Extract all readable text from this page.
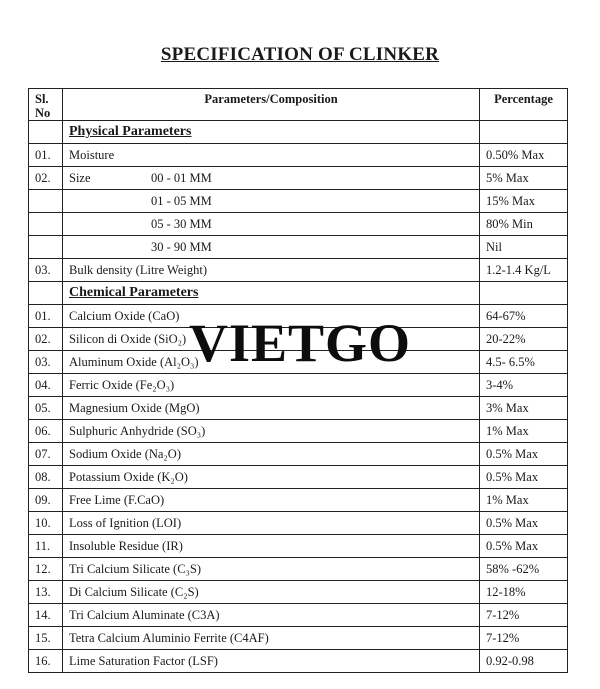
SPECIFICATION OF CLINKER
Sl.
No	Parameters/Composition	Percentage
	Physical Parameters	
01.	Moisture	0.50% Max
02.	Size 00 - 01 MM	5% Max
	01 - 05 MM	15% Max
	05 - 30 MM	80% Min
	30 - 90 MM	Nil
03.	Bulk density (Litre Weight)	1.2-1.4 Kg/L
	Chemical Parameters	
01.	Calcium Oxide (CaO)	64-67%
02.	Silicon di Oxide (SiO₂)	20-22%
03.	Aluminum Oxide (Al₂O₃)	4.5- 6.5%
04.	Ferric Oxide (Fe₂O₃)	3-4%
05.	Magnesium Oxide (MgO)	3% Max
06.	Sulphuric Anhydride (SO₃)	1% Max
07.	Sodium Oxide (Na₂O)	0.5% Max
08.	Potassium Oxide (K₂O)	0.5% Max
09.	Free Lime (F.CaO)	1% Max
10.	Loss of Ignition (LOI)	0.5% Max
11.	Insoluble Residue (IR)	0.5% Max
12.	Tri Calcium Silicate (C₃S)	58% -62%
13.	Di Calcium Silicate (C₂S)	12-18%
14.	Tri Calcium Aluminate (C3A)	7-12%
15.	Tetra Calcium Aluminio Ferrite (C4AF)	7-12%
16.	Lime Saturation Factor (LSF)	0.92-0.98
VIETGO
